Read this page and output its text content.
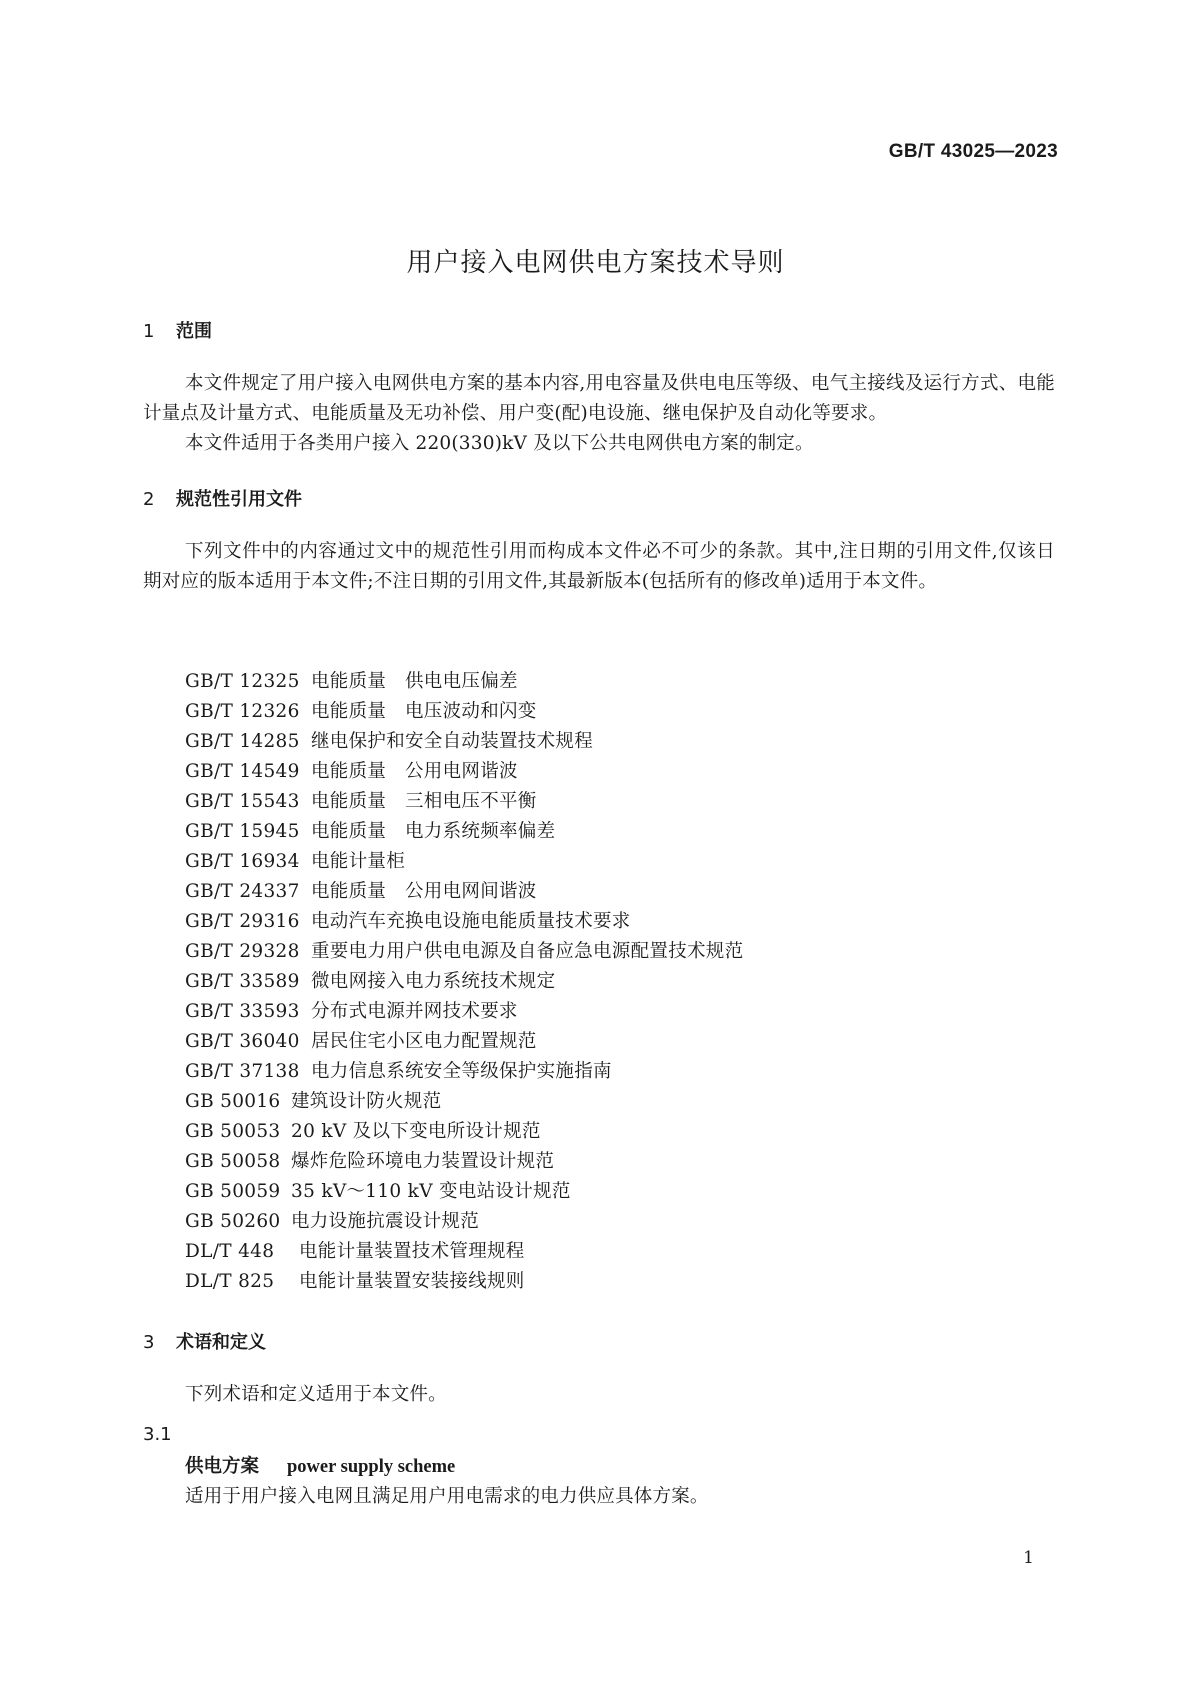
GB/T 43025—2023
用户接入电网供电方案技术导则
1 范围
本文件规定了用户接入电网供电方案的基本内容,用电容量及供电电压等级、电气主接线及运行方式、电能计量点及计量方式、电能质量及无功补偿、用户变(配)电设施、继电保护及自动化等要求。
本文件适用于各类用户接入 220(330)kV 及以下公共电网供电方案的制定。
2 规范性引用文件
下列文件中的内容通过文中的规范性引用而构成本文件必不可少的条款。其中,注日期的引用文件,仅该日期对应的版本适用于本文件;不注日期的引用文件,其最新版本(包括所有的修改单)适用于本文件。
GB/T 12325 电能质量　供电电压偏差
GB/T 12326 电能质量　电压波动和闪变
GB/T 14285 继电保护和安全自动装置技术规程
GB/T 14549 电能质量　公用电网谐波
GB/T 15543 电能质量　三相电压不平衡
GB/T 15945 电能质量　电力系统频率偏差
GB/T 16934 电能计量柜
GB/T 24337 电能质量　公用电网间谐波
GB/T 29316 电动汽车充换电设施电能质量技术要求
GB/T 29328 重要电力用户供电电源及自备应急电源配置技术规范
GB/T 33589 微电网接入电力系统技术规定
GB/T 33593 分布式电源并网技术要求
GB/T 36040 居民住宅小区电力配置规范
GB/T 37138 电力信息系统安全等级保护实施指南
GB 50016 建筑设计防火规范
GB 50053 20 kV 及以下变电所设计规范
GB 50058 爆炸危险环境电力装置设计规范
GB 50059 35 kV～110 kV 变电站设计规范
GB 50260 电力设施抗震设计规范
DL/T 448 电能计量装置技术管理规程
DL/T 825 电能计量装置安装接线规则
3 术语和定义
下列术语和定义适用于本文件。
3.1
供电方案 power supply scheme
适用于用户接入电网且满足用户用电需求的电力供应具体方案。
1
